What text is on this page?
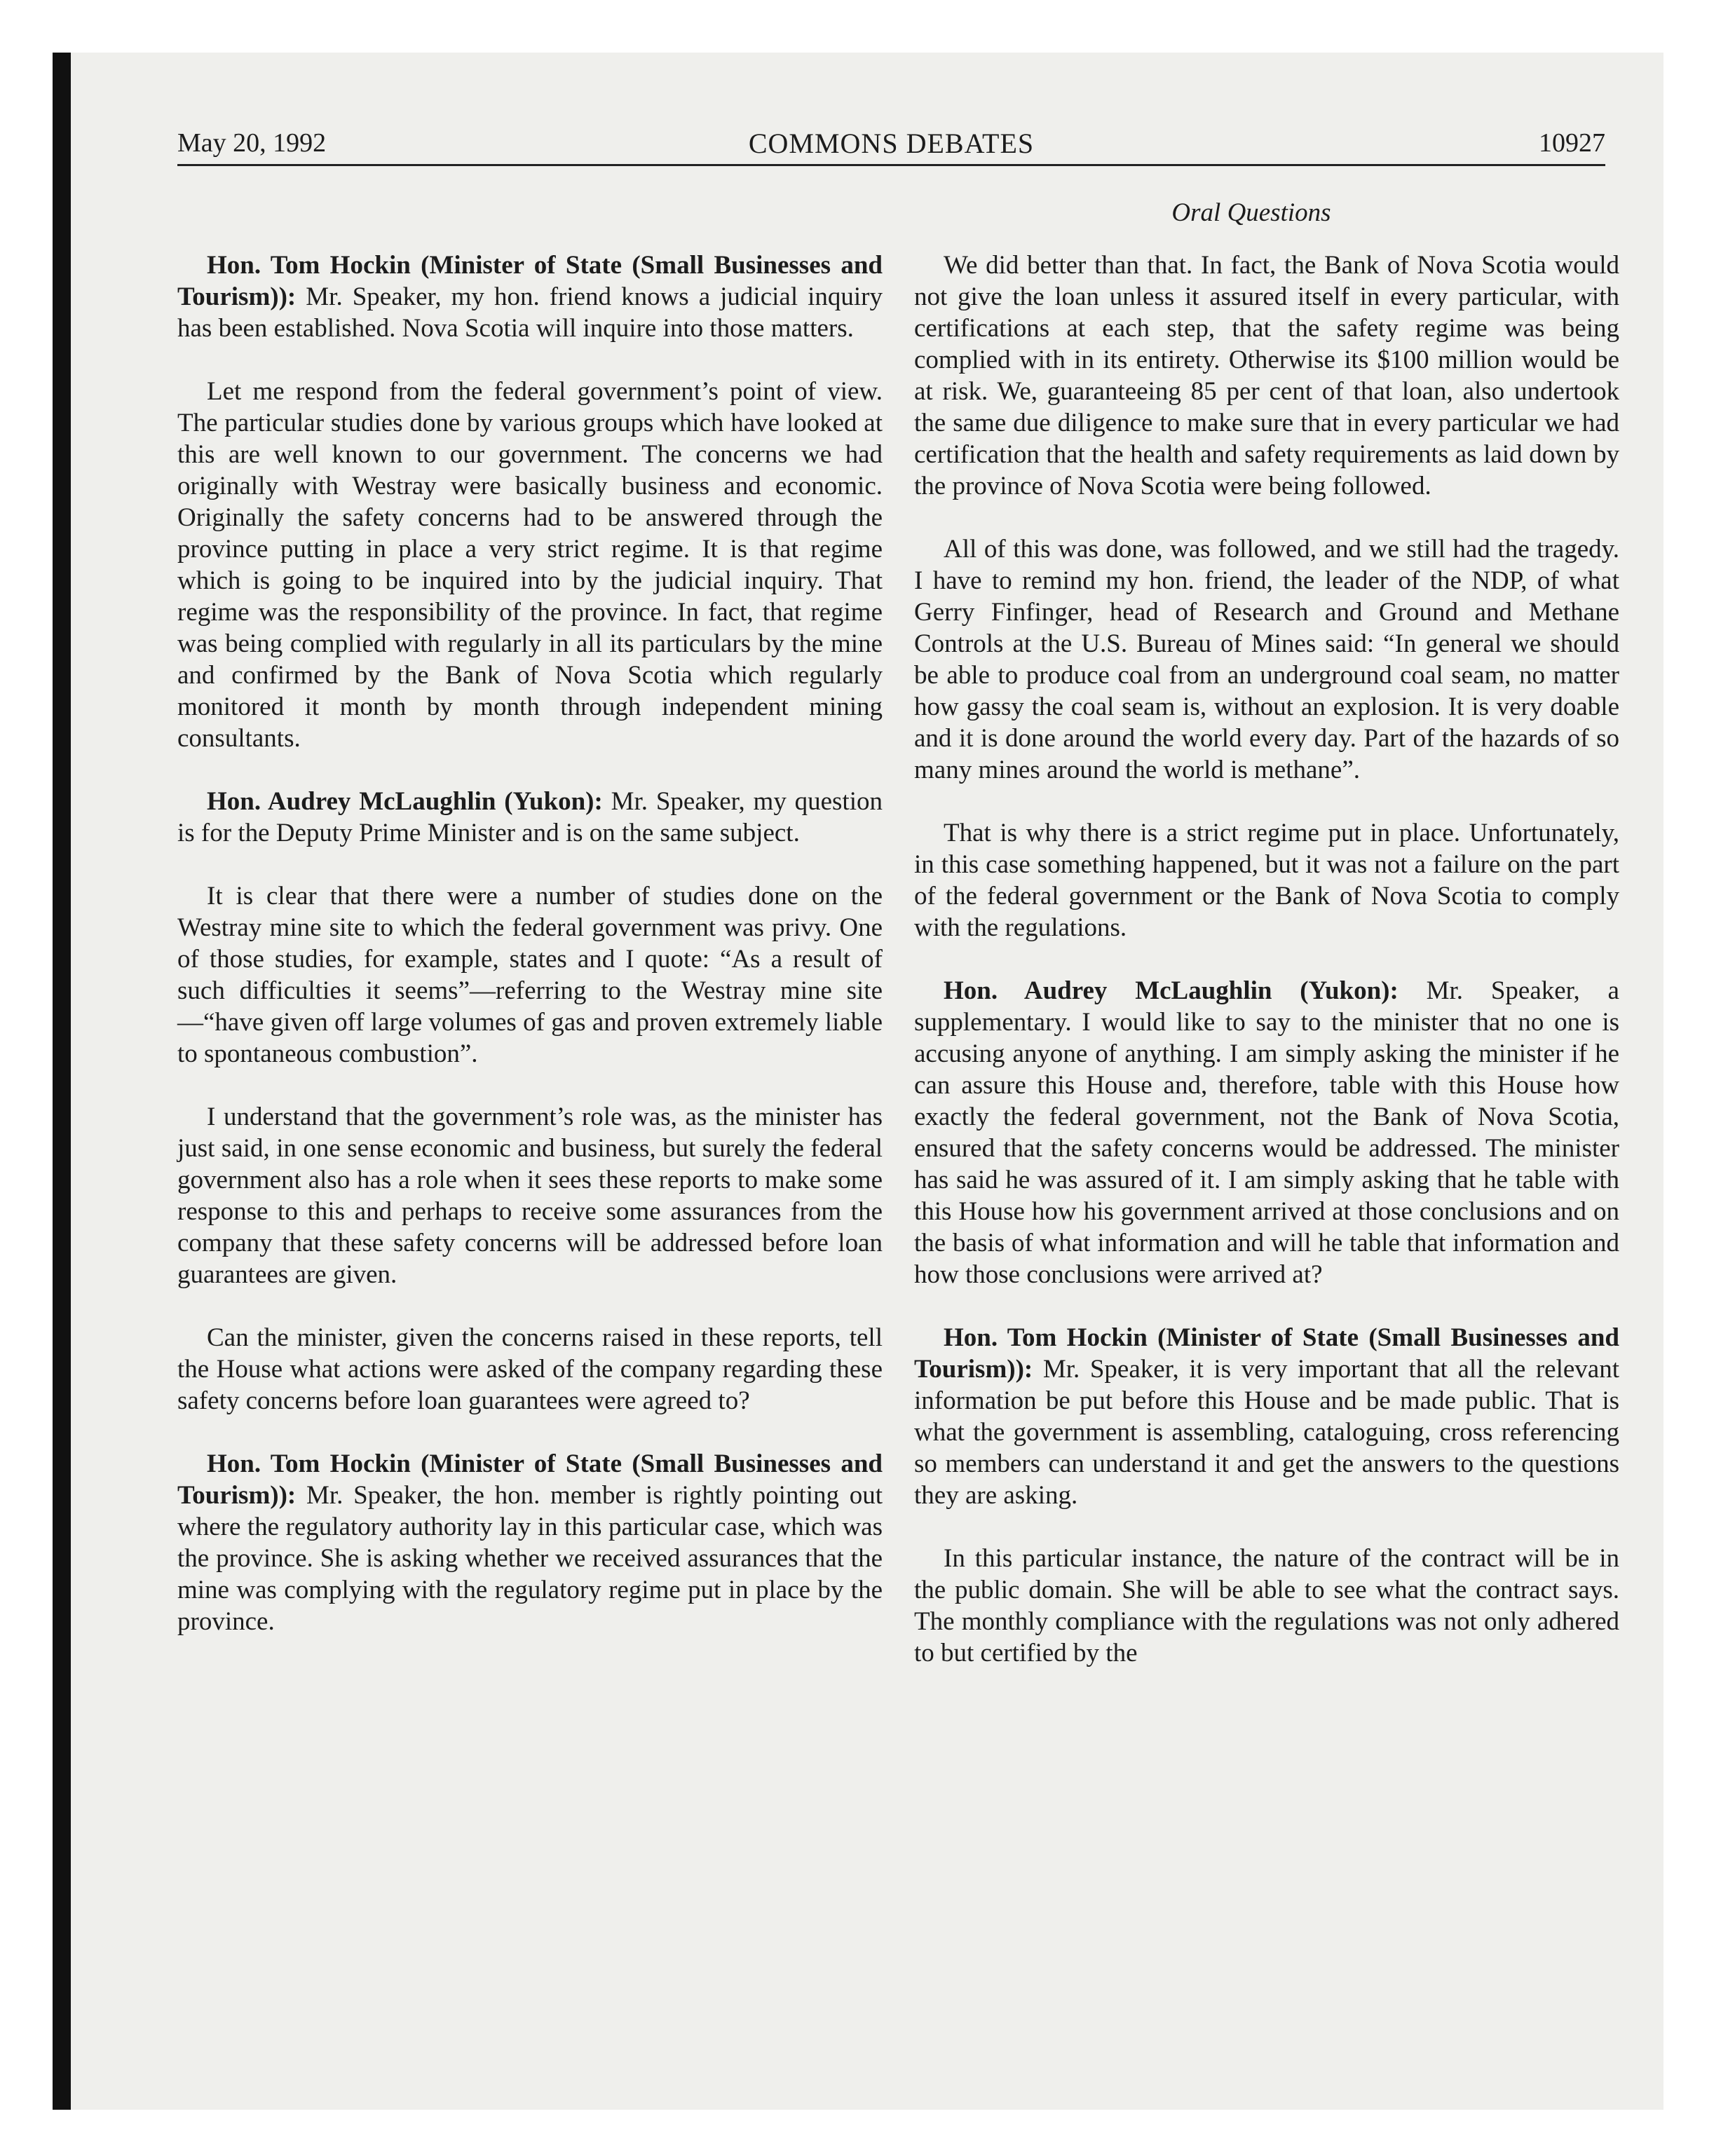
May 20, 1992	COMMONS DEBATES	10927
Oral Questions

Hon. Tom Hockin (Minister of State (Small Businesses and Tourism)): Mr. Speaker, my hon. friend knows a judicial inquiry has been established. Nova Scotia will inquire into those matters.

Let me respond from the federal government’s point of view. The particular studies done by various groups which have looked at this are well known to our government. The concerns we had originally with Westray were basically business and economic. Originally the safety concerns had to be answered through the province putting in place a very strict regime. It is that regime which is going to be inquired into by the judicial inquiry. That regime was the responsibility of the province. In fact, that regime was being complied with regularly in all its particulars by the mine and confirmed by the Bank of Nova Scotia which regularly monitored it month by month through independent mining consultants.

Hon. Audrey McLaughlin (Yukon): Mr. Speaker, my question is for the Deputy Prime Minister and is on the same subject.

It is clear that there were a number of studies done on the Westray mine site to which the federal government was privy. One of those studies, for example, states and I quote: “As a result of such difficulties it seems”—referring to the Westray mine site—“have given off large volumes of gas and proven extremely liable to spontaneous combustion”.

I understand that the government’s role was, as the minister has just said, in one sense economic and business, but surely the federal government also has a role when it sees these reports to make some response to this and perhaps to receive some assurances from the company that these safety concerns will be addressed before loan guarantees are given.

Can the minister, given the concerns raised in these reports, tell the House what actions were asked of the company regarding these safety concerns before loan guarantees were agreed to?

Hon. Tom Hockin (Minister of State (Small Businesses and Tourism)): Mr. Speaker, the hon. member is rightly pointing out where the regulatory authority lay in this particular case, which was the province. She is asking whether we received assurances that the mine was complying with the regulatory regime put in place by the province.

We did better than that. In fact, the Bank of Nova Scotia would not give the loan unless it assured itself in every particular, with certifications at each step, that the safety regime was being complied with in its entirety. Otherwise its $100 million would be at risk. We, guaranteeing 85 per cent of that loan, also undertook the same due diligence to make sure that in every particular we had certification that the health and safety requirements as laid down by the province of Nova Scotia were being followed.

All of this was done, was followed, and we still had the tragedy. I have to remind my hon. friend, the leader of the NDP, of what Gerry Finfinger, head of Research and Ground and Methane Controls at the U.S. Bureau of Mines said: “In general we should be able to produce coal from an underground coal seam, no matter how gassy the coal seam is, without an explosion. It is very doable and it is done around the world every day. Part of the hazards of so many mines around the world is methane”.

That is why there is a strict regime put in place. Unfortunately, in this case something happened, but it was not a failure on the part of the federal government or the Bank of Nova Scotia to comply with the regulations.

Hon. Audrey McLaughlin (Yukon): Mr. Speaker, a supplementary. I would like to say to the minister that no one is accusing anyone of anything. I am simply asking the minister if he can assure this House and, therefore, table with this House how exactly the federal government, not the Bank of Nova Scotia, ensured that the safety concerns would be addressed. The minister has said he was assured of it. I am simply asking that he table with this House how his government arrived at those conclusions and on the basis of what information and will he table that information and how those conclusions were arrived at?

Hon. Tom Hockin (Minister of State (Small Businesses and Tourism)): Mr. Speaker, it is very important that all the relevant information be put before this House and be made public. That is what the government is assembling, cataloguing, cross referencing so members can understand it and get the answers to the questions they are asking.

In this particular instance, the nature of the contract will be in the public domain. She will be able to see what the contract says. The monthly compliance with the regulations was not only adhered to but certified by the
